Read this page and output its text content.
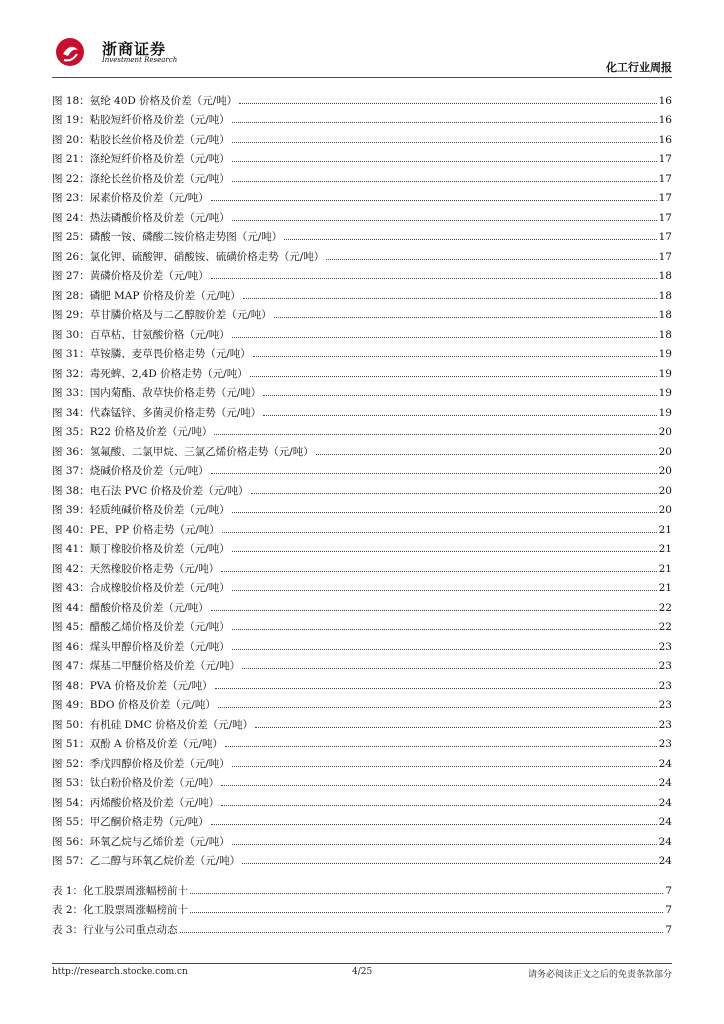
浙商证券
Investment Research
化工行业周报
图 18：氨纶 40D 价格及价差（元/吨）	16
图 19：粘胶短纤价格及价差（元/吨）	16
图 20：粘胶长丝价格及价差（元/吨）	16
图 21：涤纶短纤价格及价差（元/吨）	17
图 22：涤纶长丝价格及价差（元/吨）	17
图 23：尿素价格及价差（元/吨）	17
图 24：热法磷酸价格及价差（元/吨）	17
图 25：磷酸一铵、磷酸二铵价格走势图（元/吨）	17
图 26：氯化钾、硫酸钾、硝酸铵、硫磺价格走势（元/吨）	17
图 27：黄磷价格及价差（元/吨）	18
图 28：磷肥 MAP 价格及价差（元/吨）	18
图 29：草甘膦价格及与二乙醇胺价差（元/吨）	18
图 30：百草枯、甘氨酸价格（元/吨）	18
图 31：草铵膦、麦草畏价格走势（元/吨）	19
图 32：毒死蜱、2,4D 价格走势（元/吨）	19
图 33：国内菊酯、敌草快价格走势（元/吨）	19
图 34：代森锰锌、多菌灵价格走势（元/吨）	19
图 35：R22 价格及价差（元/吨）	20
图 36：氢氟酸、二氯甲烷、三氯乙烯价格走势（元/吨）	20
图 37：烧碱价格及价差（元/吨）	20
图 38：电石法 PVC 价格及价差（元/吨）	20
图 39：轻质纯碱价格及价差（元/吨）	20
图 40：PE、PP 价格走势（元/吨）	21
图 41：顺丁橡胶价格及价差（元/吨）	21
图 42：天然橡胶价格走势（元/吨）	21
图 43：合成橡胶价格及价差（元/吨）	21
图 44：醋酸价格及价差（元/吨）	22
图 45：醋酸乙烯价格及价差（元/吨）	22
图 46：煤头甲醇价格及价差（元/吨）	23
图 47：煤基二甲醚价格及价差（元/吨）	23
图 48：PVA 价格及价差（元/吨）	23
图 49：BDO 价格及价差（元/吨）	23
图 50：有机硅 DMC 价格及价差（元/吨）	23
图 51：双酚 A 价格及价差（元/吨）	23
图 52：季戊四醇价格及价差（元/吨）	24
图 53：钛白粉价格及价差（元/吨）	24
图 54：丙烯酸价格及价差（元/吨）	24
图 55：甲乙酮价格走势（元/吨）	24
图 56：环氧乙烷与乙烯价差（元/吨）	24
图 57：乙二醇与环氧乙烷价差（元/吨）	24
表 1：化工股票周涨幅榜前十	7
表 2：化工股票周涨幅榜前十	7
表 3：行业与公司重点动态	7
http://research.stocke.com.cn	4/25	请务必阅读正文之后的免责条款部分
